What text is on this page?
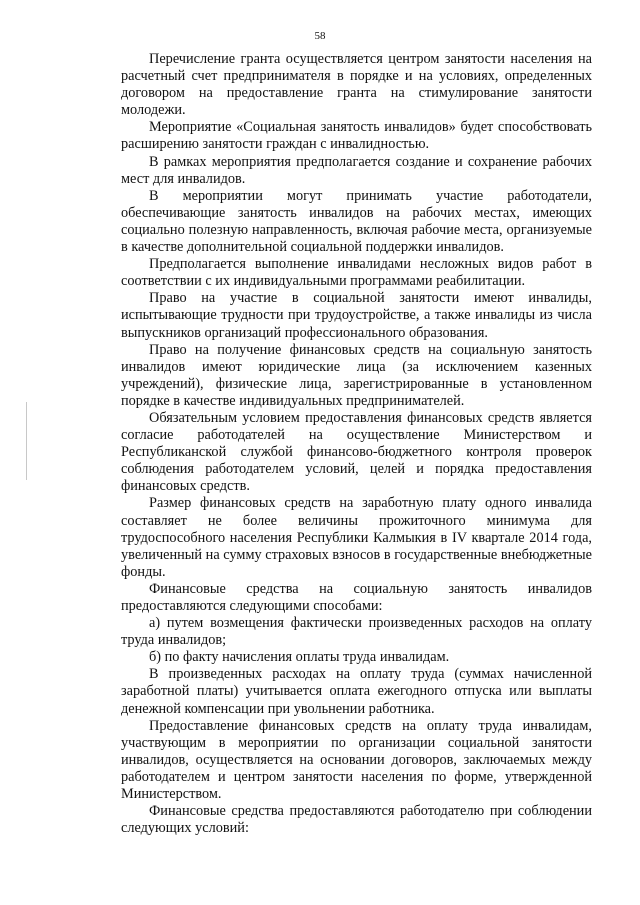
58

Перечисление гранта осуществляется центром занятости населения на расчетный счет предпринимателя в порядке и на условиях, определенных договором на предоставление гранта на стимулирование занятости молодежи.

Мероприятие «Социальная занятость инвалидов» будет способствовать расширению занятости граждан с инвалидностью.

В рамках мероприятия предполагается создание и сохранение рабочих мест для инвалидов.

В мероприятии могут принимать участие работодатели, обеспечивающие занятость инвалидов на рабочих местах, имеющих социально полезную направленность, включая рабочие места, организуемые в качестве дополнительной социальной поддержки инвалидов.

Предполагается выполнение инвалидами несложных видов работ в соответствии с их индивидуальными программами реабилитации.

Право на участие в социальной занятости имеют инвалиды, испытывающие трудности при трудоустройстве, а также инвалиды из числа выпускников организаций профессионального образования.

Право на получение финансовых средств на социальную занятость инвалидов имеют юридические лица (за исключением казенных учреждений), физические лица, зарегистрированные в установленном порядке в качестве индивидуальных предпринимателей.

Обязательным условием предоставления финансовых средств является согласие работодателей на осуществление Министерством и Республиканской службой финансово-бюджетного контроля проверок соблюдения работодателем условий, целей и порядка предоставления финансовых средств.

Размер финансовых средств на заработную плату одного инвалида составляет не более величины прожиточного минимума для трудоспособного населения Республики Калмыкия в IV квартале 2014 года, увеличенный на сумму страховых взносов в государственные внебюджетные фонды.

Финансовые средства на социальную занятость инвалидов предоставляются следующими способами:

а) путем возмещения фактически произведенных расходов на оплату труда инвалидов;

б) по факту начисления оплаты труда инвалидам.

В произведенных расходах на оплату труда (суммах начисленной заработной платы) учитывается оплата ежегодного отпуска или выплаты денежной компенсации при увольнении работника.

Предоставление финансовых средств на оплату труда инвалидам, участвующим в мероприятии по организации социальной занятости инвалидов, осуществляется на основании договоров, заключаемых между работодателем и центром занятости населения по форме, утвержденной Министерством.

Финансовые средства предоставляются работодателю при соблюдении следующих условий:
